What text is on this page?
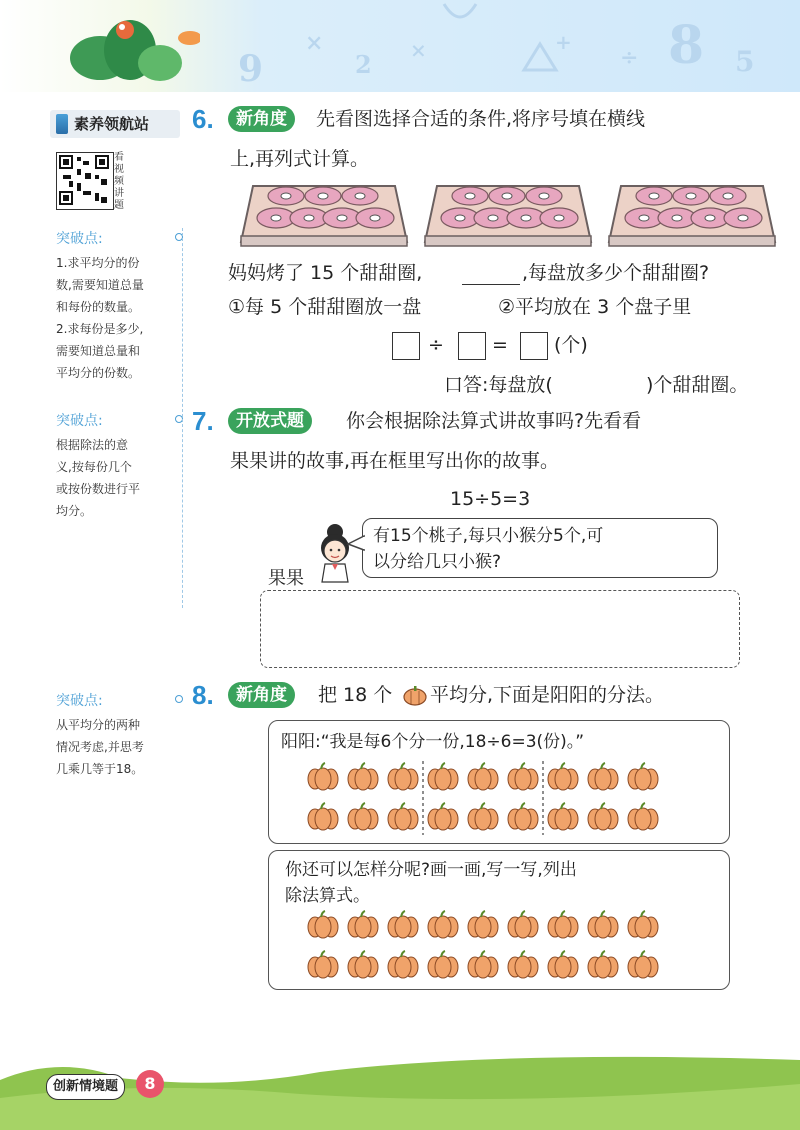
9
×
2 ×	÷ 8 5
+
素养领航站
看视频讲题
突破点:
1.求平均分的份
数,需要知道总量
和每份的数量。
2.求每份是多少,
需要知道总量和
平均分的份数。
突破点:
根据除法的意
义,按每份几个
或按份数进行平
均分。
突破点:
从平均分的两种
情况考虑,并思考
几乘几等于18。
6.	新角度	先看图选择合适的条件,将序号填在横线
上,再列式计算。
妈妈烤了 15 个甜甜圈,	,每盘放多少个甜甜圈?
①每 5 个甜甜圈放一盘	②平均放在 3 个盘子里
÷	= (个)
口答:每盘放(	)个甜甜圈。
7.	开放式题	你会根据除法算式讲故事吗?先看看
果果讲的故事,再在框里写出你的故事。
15÷5=3
有15个桃子,每只小猴分5个,可
以分给几只小猴?
果果
8.	新角度	把 18 个 平均分,下面是阳阳的分法。
阳阳:“我是每6个分一份,18÷6=3(份)。”
你还可以怎样分呢?画一画,写一写,列出
除法算式。
创新情境题	8
